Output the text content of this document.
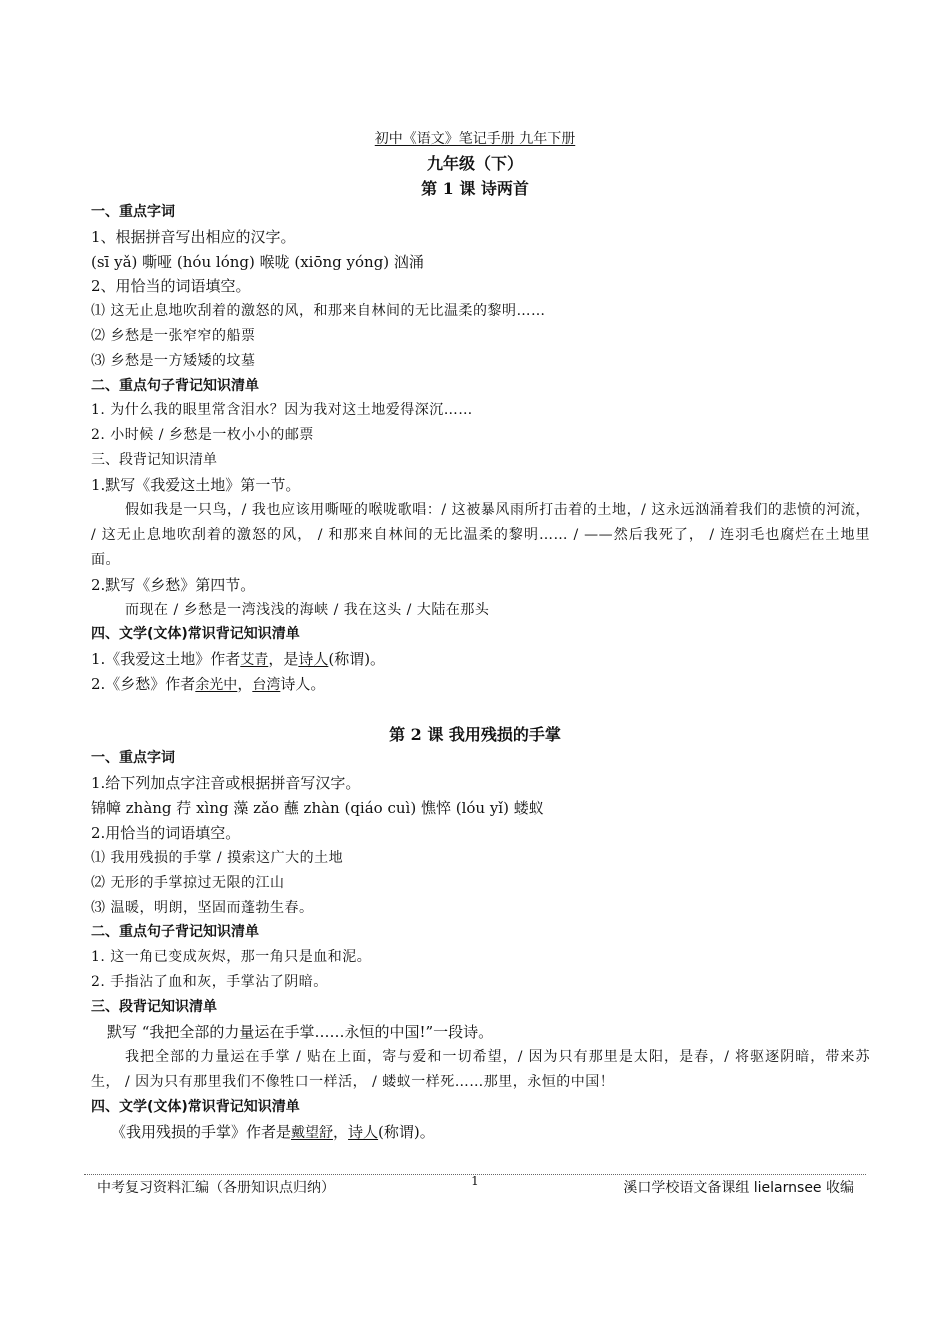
初中《语文》笔记手册 九年下册
九年级（下）
第 1 课 诗两首
一、重点字词
1、根据拼音写出相应的汉字。
(sī yǎ) 嘶哑 (hóu lóng) 喉咙 (xiōng yóng) 汹涌
2、用恰当的词语填空。
⑴ 这无止息地吹刮着的激怒的风，和那来自林间的无比温柔的黎明……
⑵ 乡愁是一张窄窄的船票
⑶ 乡愁是一方矮矮的坟墓
二、重点句子背记知识清单
1. 为什么我的眼里常含泪水？因为我对这土地爱得深沉……
2. 小时候 / 乡愁是一枚小小的邮票
三、段背记知识清单
1.默写《我爱这土地》第一节。
假如我是一只鸟，/ 我也应该用嘶哑的喉咙歌唱：/ 这被暴风雨所打击着的土地，/ 这永远汹涌着我们的悲愤的河流， / 这无止息地吹刮着的激怒的风， / 和那来自林间的无比温柔的黎明…… / ——然后我死了， / 连羽毛也腐烂在土地里面。
2.默写《乡愁》第四节。
而现在 / 乡愁是一湾浅浅的海峡 / 我在这头 / 大陆在那头
四、文学(文体)常识背记知识清单
1.《我爱这土地》作者艾青，是诗人(称谓)。
2.《乡愁》作者余光中，台湾诗人。
第 2 课 我用残损的手掌
一、重点字词
1.给下列加点字注音或根据拼音写汉字。
锦幛 zhàng 荇 xìng 藻 zǎo 蘸 zhàn (qiáo cuì) 憔悴 (lóu yǐ) 蝼蚁
2.用恰当的词语填空。
⑴ 我用残损的手掌 / 摸索这广大的土地
⑵ 无形的手掌掠过无限的江山
⑶ 温暖，明朗，坚固而蓬勃生春。
二、重点句子背记知识清单
1. 这一角已变成灰烬，那一角只是血和泥。
2. 手指沾了血和灰，手掌沾了阴暗。
三、段背记知识清单
默写 “我把全部的力量运在手掌……永恒的中国!”一段诗。
我把全部的力量运在手掌 / 贴在上面，寄与爱和一切希望，/ 因为只有那里是太阳，是春，/ 将驱逐阴暗，带来苏生， / 因为只有那里我们不像牲口一样活， / 蝼蚁一样死……那里，永恒的中国！
四、文学(文体)常识背记知识清单
《我用残损的手掌》作者是戴望舒，诗人(称谓)。
中考复习资料汇编（各册知识点归纳）	1	溪口学校语文备课组 lielarnsee 收编
